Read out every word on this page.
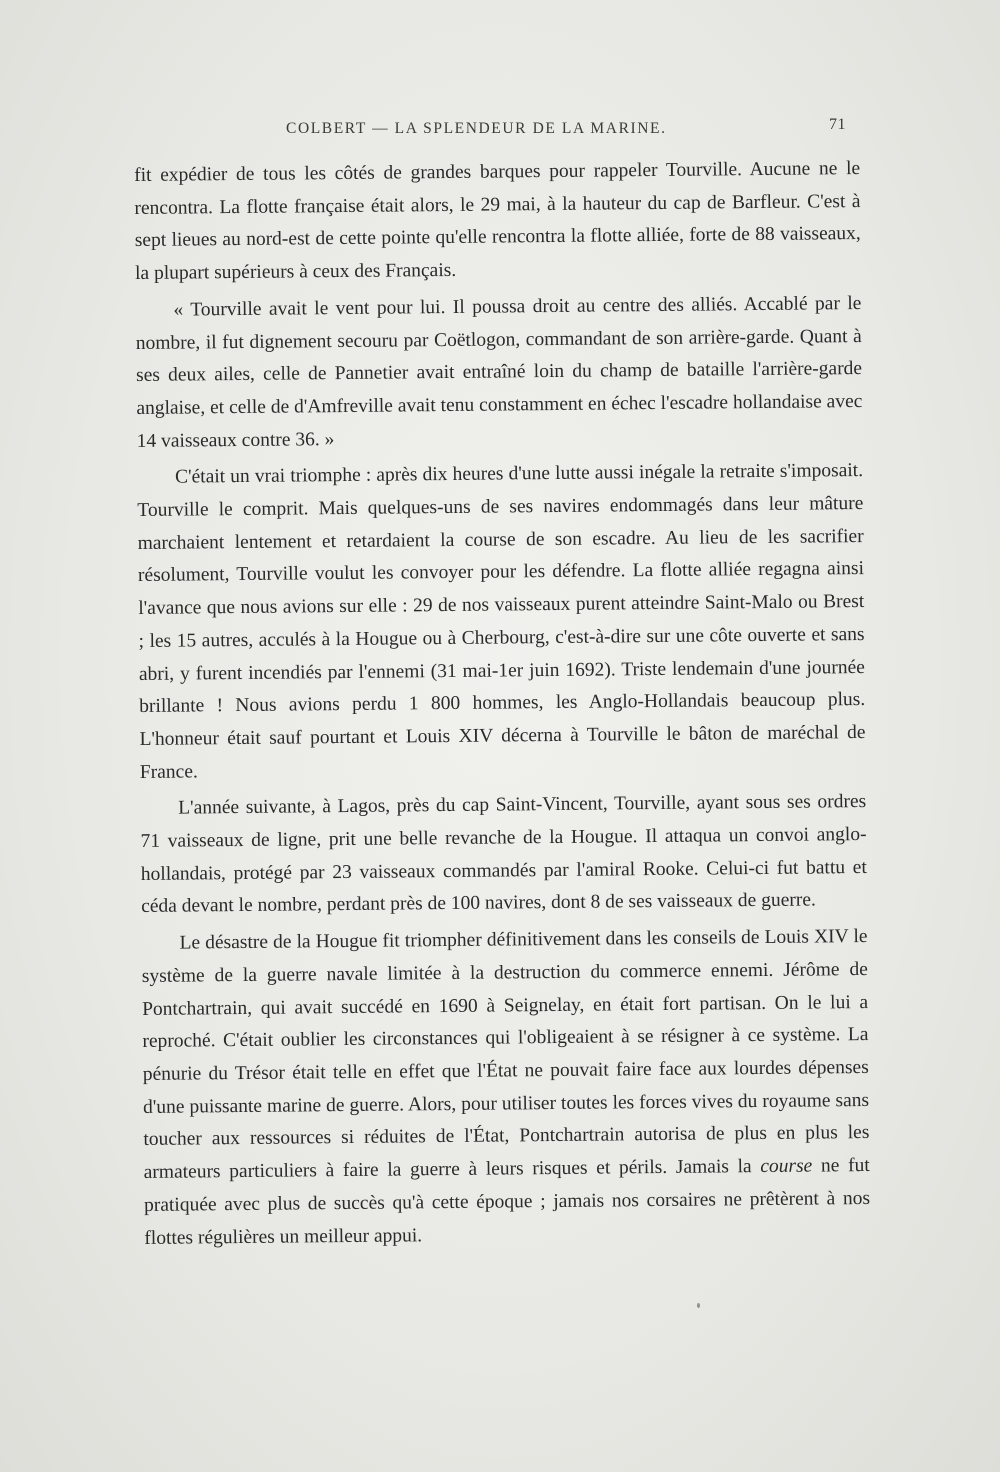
COLBERT — LA SPLENDEUR DE LA MARINE.	71

fit expédier de tous les côtés de grandes barques pour rappeler Tourville. Aucune ne le rencontra. La flotte française était alors, le 29 mai, à la hauteur du cap de Barfleur. C'est à sept lieues au nord-est de cette pointe qu'elle rencontra la flotte alliée, forte de 88 vaisseaux, la plupart supérieurs à ceux des Français.

« Tourville avait le vent pour lui. Il poussa droit au centre des alliés. Accablé par le nombre, il fut dignement secouru par Coëtlogon, commandant de son arrière-garde. Quant à ses deux ailes, celle de Pannetier avait entraîné loin du champ de bataille l'arrière-garde anglaise, et celle de d'Amfreville avait tenu constamment en échec l'escadre hollandaise avec 14 vaisseaux contre 36. »

C'était un vrai triomphe : après dix heures d'une lutte aussi inégale la retraite s'imposait. Tourville le comprit. Mais quelques-uns de ses navires endommagés dans leur mâture marchaient lentement et retardaient la course de son escadre. Au lieu de les sacrifier résolument, Tourville voulut les convoyer pour les défendre. La flotte alliée regagna ainsi l'avance que nous avions sur elle : 29 de nos vaisseaux purent atteindre Saint-Malo ou Brest ; les 15 autres, acculés à la Hougue ou à Cherbourg, c'est-à-dire sur une côte ouverte et sans abri, y furent incendiés par l'ennemi (31 mai-1er juin 1692). Triste lendemain d'une journée brillante ! Nous avions perdu 1 800 hommes, les Anglo-Hollandais beaucoup plus. L'honneur était sauf pourtant et Louis XIV décerna à Tourville le bâton de maréchal de France.

L'année suivante, à Lagos, près du cap Saint-Vincent, Tourville, ayant sous ses ordres 71 vaisseaux de ligne, prit une belle revanche de la Hougue. Il attaqua un convoi anglo-hollandais, protégé par 23 vaisseaux commandés par l'amiral Rooke. Celui-ci fut battu et céda devant le nombre, perdant près de 100 navires, dont 8 de ses vaisseaux de guerre.

Le désastre de la Hougue fit triompher définitivement dans les conseils de Louis XIV le système de la guerre navale limitée à la destruction du commerce ennemi. Jérôme de Pontchartrain, qui avait succédé en 1690 à Seignelay, en était fort partisan. On le lui a reproché. C'était oublier les circonstances qui l'obligeaient à se résigner à ce système. La pénurie du Trésor était telle en effet que l'État ne pouvait faire face aux lourdes dépenses d'une puissante marine de guerre. Alors, pour utiliser toutes les forces vives du royaume sans toucher aux ressources si réduites de l'État, Pontchartrain autorisa de plus en plus les armateurs particuliers à faire la guerre à leurs risques et périls. Jamais la course ne fut pratiquée avec plus de succès qu'à cette époque ; jamais nos corsaires ne prêtèrent à nos flottes régulières un meilleur appui.
